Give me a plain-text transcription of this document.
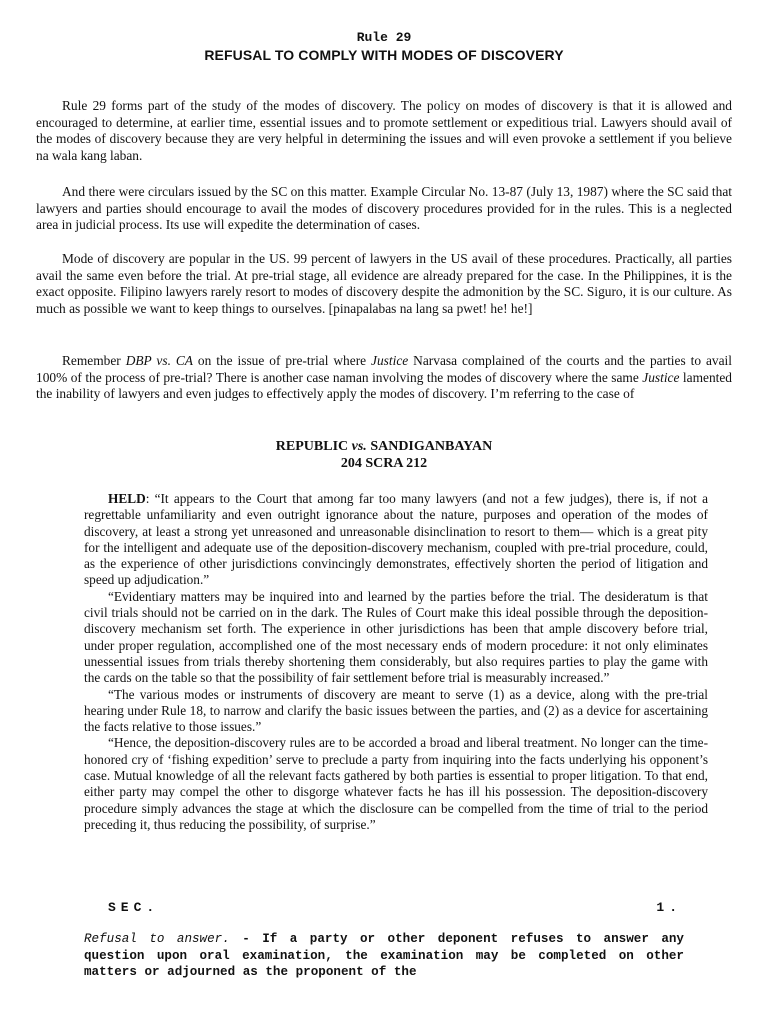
Rule 29
REFUSAL TO COMPLY WITH MODES OF DISCOVERY

Rule 29 forms part of the study of the modes of discovery. The policy on modes of discovery is that it is allowed and encouraged to determine, at earlier time, essential issues and to promote settlement or expeditious trial. Lawyers should avail of the modes of discovery because they are very helpful in determining the issues and will even provoke a settlement if you believe na wala kang laban.

And there were circulars issued by the SC on this matter. Example Circular No. 13-87 (July 13, 1987) where the SC said that lawyers and parties should encourage to avail the modes of discovery procedures provided for in the rules. This is a neglected area in judicial process. Its use will expedite the determination of cases.

Mode of discovery are popular in the US. 99 percent of lawyers in the US avail of these procedures. Practically, all parties avail the same even before the trial. At pre-trial stage, all evidence are already prepared for the case. In the Philippines, it is the exact opposite. Filipino lawyers rarely resort to modes of discovery despite the admonition by the SC. Siguro, it is our culture. As much as possible we want to keep things to ourselves. [pinapalabas na lang sa pwet! he! he!]

Remember DBP vs. CA on the issue of pre-trial where Justice Narvasa complained of the courts and the parties to avail 100% of the process of pre-trial? There is another case naman involving the modes of discovery where the same Justice lamented the inability of lawyers and even judges to effectively apply the modes of discovery. I’m referring to the case of

REPUBLIC vs. SANDIGANBAYAN
204 SCRA 212

HELD: “It appears to the Court that among far too many lawyers (and not a few judges), there is, if not a regrettable unfamiliarity and even outright ignorance about the nature, purposes and operation of the modes of discovery, at least a strong yet unreasoned and unreasonable disinclination to resort to them— which is a great pity for the intelligent and adequate use of the deposition-discovery mechanism, coupled with pre-trial procedure, could, as the experience of other jurisdictions convincingly demonstrates, effectively shorten the period of litigation and speed up adjudication.”

“Evidentiary matters may be inquired into and learned by the parties before the trial. The desideratum is that civil trials should not be carried on in the dark. The Rules of Court make this ideal possible through the deposition-discovery mechanism set forth. The experience in other jurisdictions has been that ample discovery before trial, under proper regulation, accomplished one of the most necessary ends of modern procedure: it not only eliminates unessential issues from trials thereby shortening them considerably, but also requires parties to play the game with the cards on the table so that the possibility of fair settlement before trial is measurably increased.”

“The various modes or instruments of discovery are meant to serve (1) as a device, along with the pre-trial hearing under Rule 18, to narrow and clarify the basic issues between the parties, and (2) as a device for ascertaining the facts relative to those issues.”

“Hence, the deposition-discovery rules are to be accorded a broad and liberal treatment. No longer can the time-honored cry of ‘fishing expedition’ serve to preclude a party from inquiring into the facts underlying his opponent’s case. Mutual knowledge of all the relevant facts gathered by both parties is essential to proper litigation. To that end, either party may compel the other to disgorge whatever facts he has ill his possession. The deposition-discovery procedure simply advances the stage at which the disclosure can be compelled from the time of trial to the period preceding it, thus reducing the possibility, of surprise.”

SEC.	1.
Refusal to answer. - If a party or other deponent refuses to answer any question upon oral examination, the examination may be completed on other matters or adjourned as the proponent of the
